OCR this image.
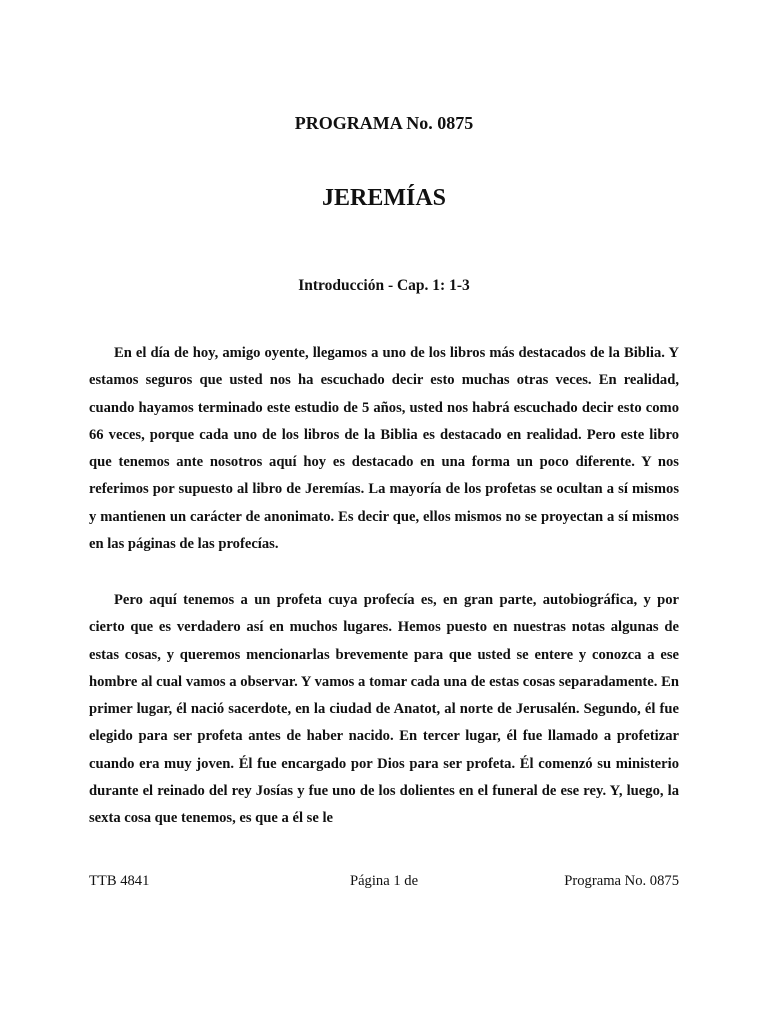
PROGRAMA No. 0875
JEREMÍAS
Introducción - Cap. 1: 1-3

En el día de hoy, amigo oyente, llegamos a uno de los libros más destacados de la Biblia. Y estamos seguros que usted nos ha escuchado decir esto muchas otras veces. En realidad, cuando hayamos terminado este estudio de 5 años, usted nos habrá escuchado decir esto como 66 veces, porque cada uno de los libros de la Biblia es destacado en realidad. Pero este libro que tenemos ante nosotros aquí hoy es destacado en una forma un poco diferente. Y nos referimos por supuesto al libro de Jeremías. La mayoría de los profetas se ocultan a sí mismos y mantienen un carácter de anonimato. Es decir que, ellos mismos no se proyectan a sí mismos en las páginas de las profecías.

Pero aquí tenemos a un profeta cuya profecía es, en gran parte, autobiográfica, y por cierto que es verdadero así en muchos lugares. Hemos puesto en nuestras notas algunas de estas cosas, y queremos mencionarlas brevemente para que usted se entere y conozca a ese hombre al cual vamos a observar. Y vamos a tomar cada una de estas cosas separadamente. En primer lugar, él nació sacerdote, en la ciudad de Anatot, al norte de Jerusalén. Segundo, él fue elegido para ser profeta antes de haber nacido. En tercer lugar, él fue llamado a profetizar cuando era muy joven. Él fue encargado por Dios para ser profeta. Él comenzó su ministerio durante el reinado del rey Josías y fue uno de los dolientes en el funeral de ese rey. Y, luego, la sexta cosa que tenemos, es que a él se le

TTB 4841	Página 1 de	Programa No. 0875
